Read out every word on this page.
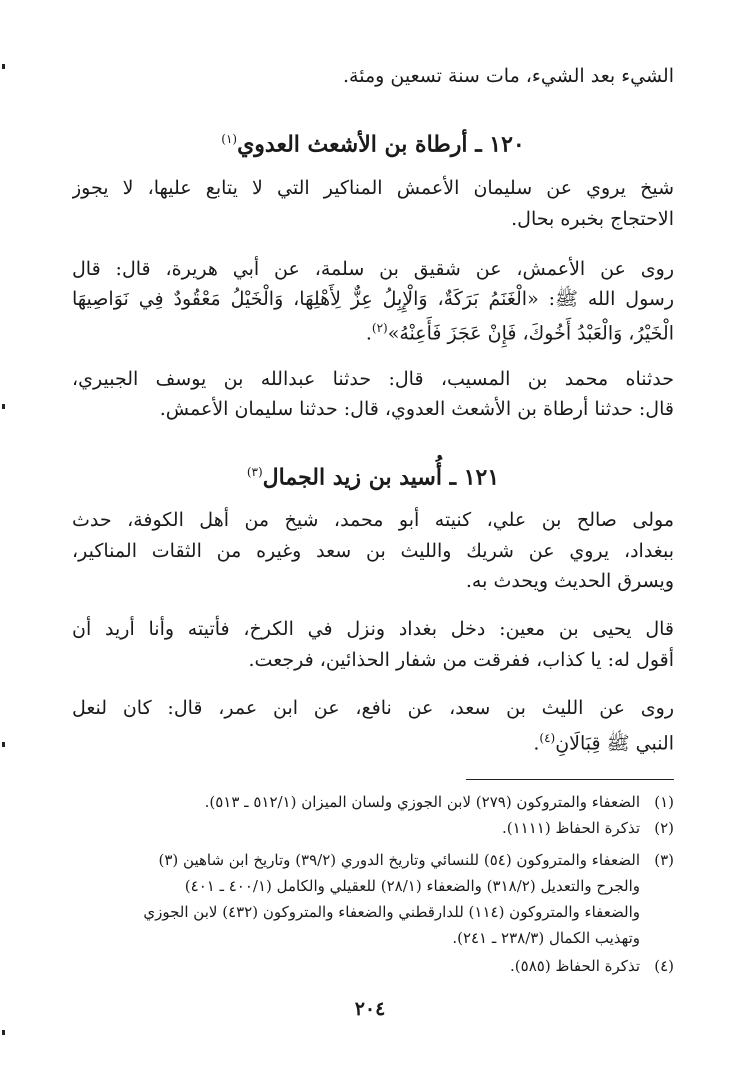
الشيء بعد الشيء، مات سنة تسعين ومئة.
١٢٠ ـ أرطاة بن الأشعث العدوي$^{(١)}$
شيخ يروي عن سليمان الأعمش المناكير التي لا يتابع عليها، لا يجوز
الاحتجاج بخبره بحال.
روى عن الأعمش، عن شقيق بن سلمة، عن أبي هريرة، قال: قال
رسول الله ﷺ: «الْغَنَمُ بَرَكَةٌ، وَالْإِبِلُ عِزٌّ لِأَهْلِهَا، وَالْخَيْلُ مَعْقُودٌ فِي نَوَاصِيهَا
الْخَيْرُ، وَالْعَبْدُ أَخُوكَ، فَإِنْ عَجَزَ فَأَعِنْهُ»$^{(٢)}$.
حدثناه محمد بن المسيب، قال: حدثنا عبدالله بن يوسف الجبيري،
قال: حدثنا أرطاة بن الأشعث العدوي، قال: حدثنا سليمان الأعمش.
١٢١ ـ أُسيد بن زيد الجمال$^{(٣)}$
مولى صالح بن علي، كنيته أبو محمد، شيخ من أهل الكوفة، حدث
ببغداد، يروي عن شريك والليث بن سعد وغيره من الثقات المناكير،
ويسرق الحديث ويحدث به.
قال يحيى بن معين: دخل بغداد ونزل في الكرخ، فأتيته وأنا أريد أن
أقول له: يا كذاب، ففرقت من شفار الحذائين، فرجعت.
روى عن الليث بن سعد، عن نافع، عن ابن عمر، قال: كان لنعل
النبي ﷺ قِبَالَانِ$^{(٤)}$.
(١)الضعفاء والمتروكون (٢٧٩) لابن الجوزي ولسان الميزان (٥١٢/١ ـ ٥١٣).
(٢)تذكرة الحفاظ (١١١١).
(٣)الضعفاء والمتروكون (٥٤) للنسائي وتاريخ الدوري (٣٩/٢) وتاريخ ابن شاهين (٣)
والجرح والتعديل (٣١٨/٢) والضعفاء (٢٨/١) للعقيلي والكامل (٤٠٠/١ ـ ٤٠١)
والضعفاء والمتروكون (١١٤) للدارقطني والضعفاء والمتروكون (٤٣٢) لابن الجوزي
وتهذيب الكمال (٢٣٨/٣ ـ ٢٤١).
(٤)تذكرة الحفاظ (٥٨٥).
٢٠٤
